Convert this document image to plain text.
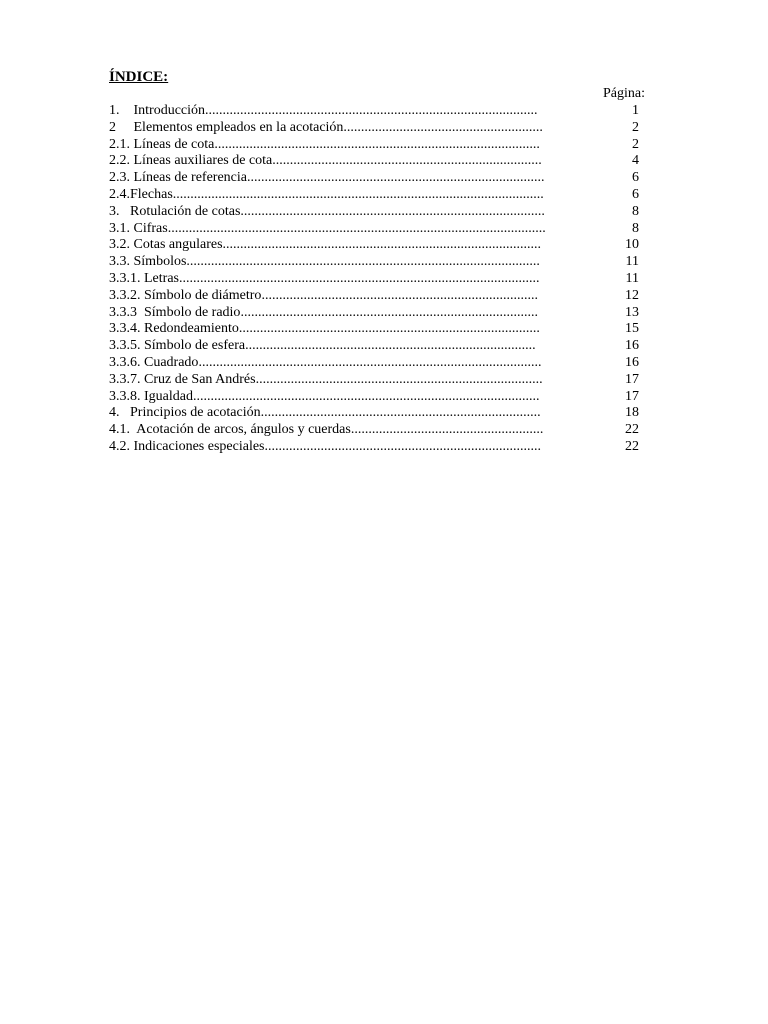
ÍNDICE:
Página:
1.    Introducción ...............................................................................................	1
2     Elementos empleados en la acotación .........................................................	2
2.1. Líneas de cota .............................................................................................	2
2.2. Líneas auxiliares de cota .............................................................................	4
2.3. Líneas de referencia .....................................................................................	6
2.4.Flechas ..........................................................................................................	6
3.   Rotulación de cotas .......................................................................................	8
3.1. Cifras ............................................................................................................	8
3.2. Cotas angulares ...........................................................................................	10
3.3. Símbolos .....................................................................................................	11
3.3.1. Letras .......................................................................................................	11
3.3.2. Símbolo de diámetro ...............................................................................	12
3.3.3  Símbolo de radio .....................................................................................	13
3.3.4. Redondeamiento ......................................................................................	15
3.3.5. Símbolo de esfera ...................................................................................	16
3.3.6. Cuadrado ..................................................................................................	16
3.3.7. Cruz de San Andrés ..................................................................................	17
3.3.8. Igualdad ...................................................................................................	17
4.   Principios de acotación ................................................................................	18
4.1.  Acotación de arcos, ángulos y cuerdas .......................................................	22
4.2. Indicaciones especiales ...............................................................................	22
